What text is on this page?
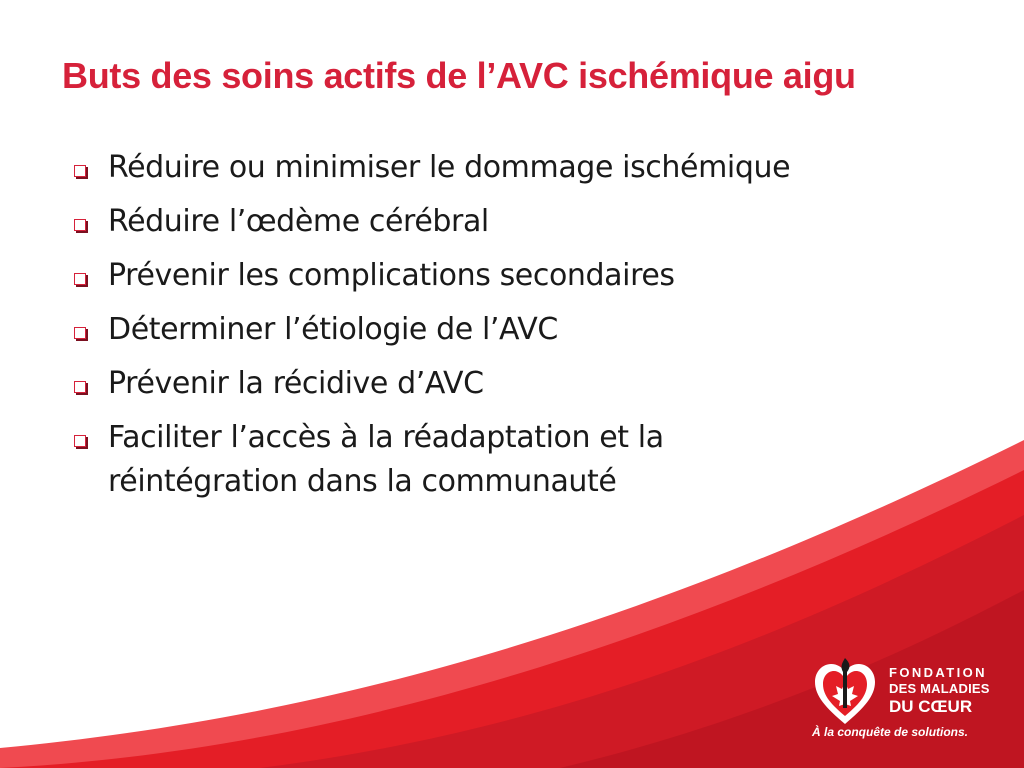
Buts des soins actifs de l’AVC ischémique aigu
Réduire ou minimiser le dommage ischémique
Réduire l’œdème cérébral
Prévenir les complications secondaires
Déterminer l’étiologie de l’AVC
Prévenir la récidive d’AVC
Faciliter l’accès à la réadaptation et la réintégration dans la communauté
FONDATION
DES MALADIES
DU CŒUR
À la conquête de solutions.
